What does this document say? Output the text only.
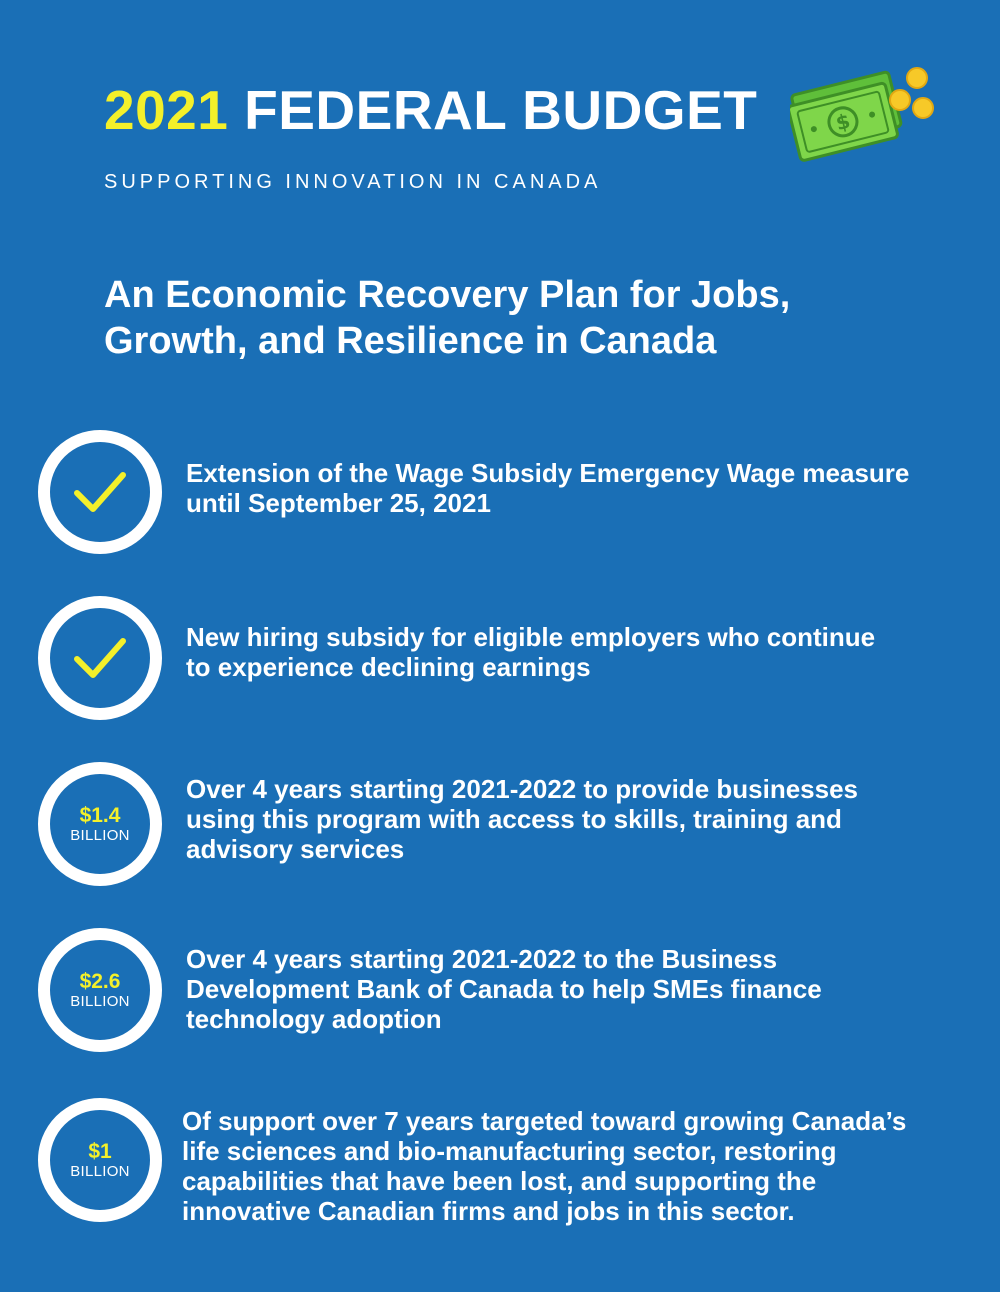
2021 FEDERAL BUDGET	$
SUPPORTING INNOVATION IN CANADA
An Economic Recovery Plan for Jobs,
Growth, and Resilience in Canada
Extension of the Wage Subsidy Emergency Wage measure
until September 25, 2021
New hiring subsidy for eligible employers who continue
to experience declining earnings
$1.4
BILLION
Over 4 years starting 2021-2022 to provide businesses
using this program with access to skills, training and
advisory services
$2.6
BILLION
Over 4 years starting 2021-2022 to the Business
Development Bank of Canada to help SMEs finance
technology adoption
$1
BILLION
Of support over 7 years targeted toward growing Canada’s
life sciences and bio-manufacturing sector, restoring
capabilities that have been lost, and supporting the
innovative Canadian firms and jobs in this sector.
